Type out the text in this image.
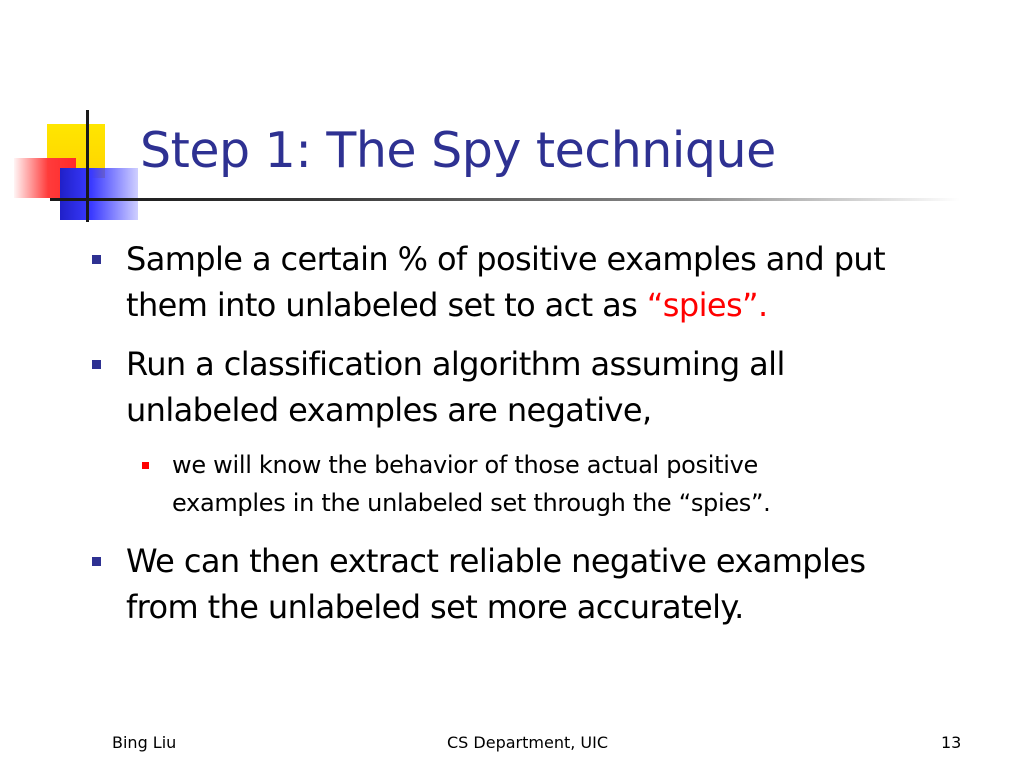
Step 1: The Spy technique
Sample a certain % of positive examples and put
them into unlabeled set to act as “spies”.
Run a classification algorithm assuming all
unlabeled examples are negative,
we will know the behavior of those actual positive
examples in the unlabeled set through the “spies”.
We can then extract reliable negative examples
from the unlabeled set more accurately.
Bing Liu	CS Department, UIC	13
